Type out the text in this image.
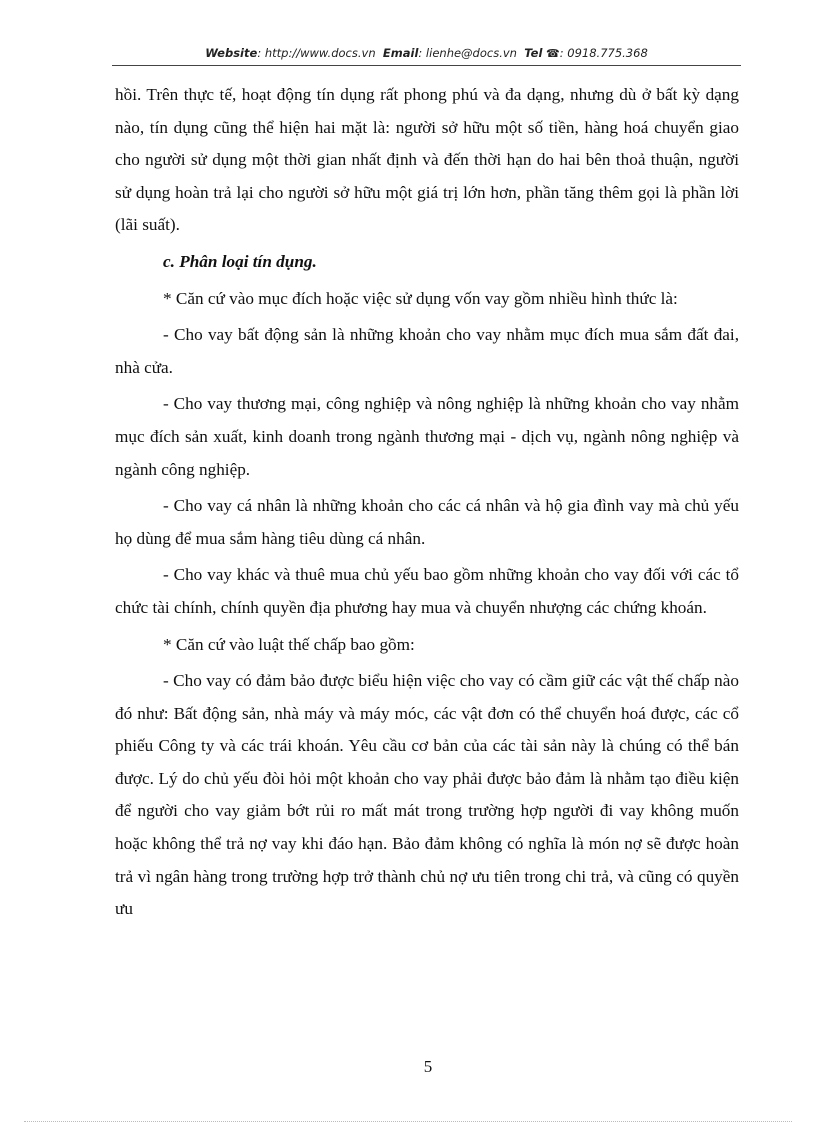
Website: http://www.docs.vn Email: lienhe@docs.vn Tel ☎: 0918.775.368

hồi. Trên thực tế, hoạt động tín dụng rất phong phú và đa dạng, nhưng dù ở bất kỳ dạng nào, tín dụng cũng thể hiện hai mặt là: người sở hữu một số tiền, hàng hoá chuyển giao cho người sử dụng một thời gian nhất định và đến thời hạn do hai bên thoả thuận, người sử dụng hoàn trả lại cho người sở hữu một giá trị lớn hơn, phần tăng thêm gọi là phần lời (lãi suất).

c. Phân loại tín dụng.

* Căn cứ vào mục đích hoặc việc sử dụng vốn vay gồm nhiều hình thức là:

- Cho vay bất động sản là những khoản cho vay nhằm mục đích mua sắm đất đai, nhà cửa.

- Cho vay thương mại, công nghiệp và nông nghiệp là những khoản cho vay nhằm mục đích sản xuất, kinh doanh trong ngành thương mại - dịch vụ, ngành nông nghiệp và ngành công nghiệp.

- Cho vay cá nhân là những khoản cho các cá nhân và hộ gia đình vay mà chủ yếu họ dùng để mua sắm hàng tiêu dùng cá nhân.

- Cho vay khác và thuê mua chủ yếu bao gồm những khoản cho vay đối với các tổ chức tài chính, chính quyền địa phương hay mua và chuyển nhượng các chứng khoán.

* Căn cứ vào luật thế chấp bao gồm:

- Cho vay có đảm bảo được biểu hiện việc cho vay có cầm giữ các vật thế chấp nào đó như: Bất động sản, nhà máy và máy móc, các vật đơn có thể chuyển hoá được, các cổ phiếu Công ty và các trái khoán. Yêu cầu cơ bản của các tài sản này là chúng có thể bán được. Lý do chủ yếu đòi hỏi một khoản cho vay phải được bảo đảm là nhằm tạo điều kiện để người cho vay giảm bớt rủi ro mất mát trong trường hợp người đi vay không muốn hoặc không thể trả nợ vay khi đáo hạn. Bảo đảm không có nghĩa là món nợ sẽ được hoàn trả vì ngân hàng trong trường hợp trở thành chủ nợ ưu tiên trong chi trả, và cũng có quyền ưu

5
